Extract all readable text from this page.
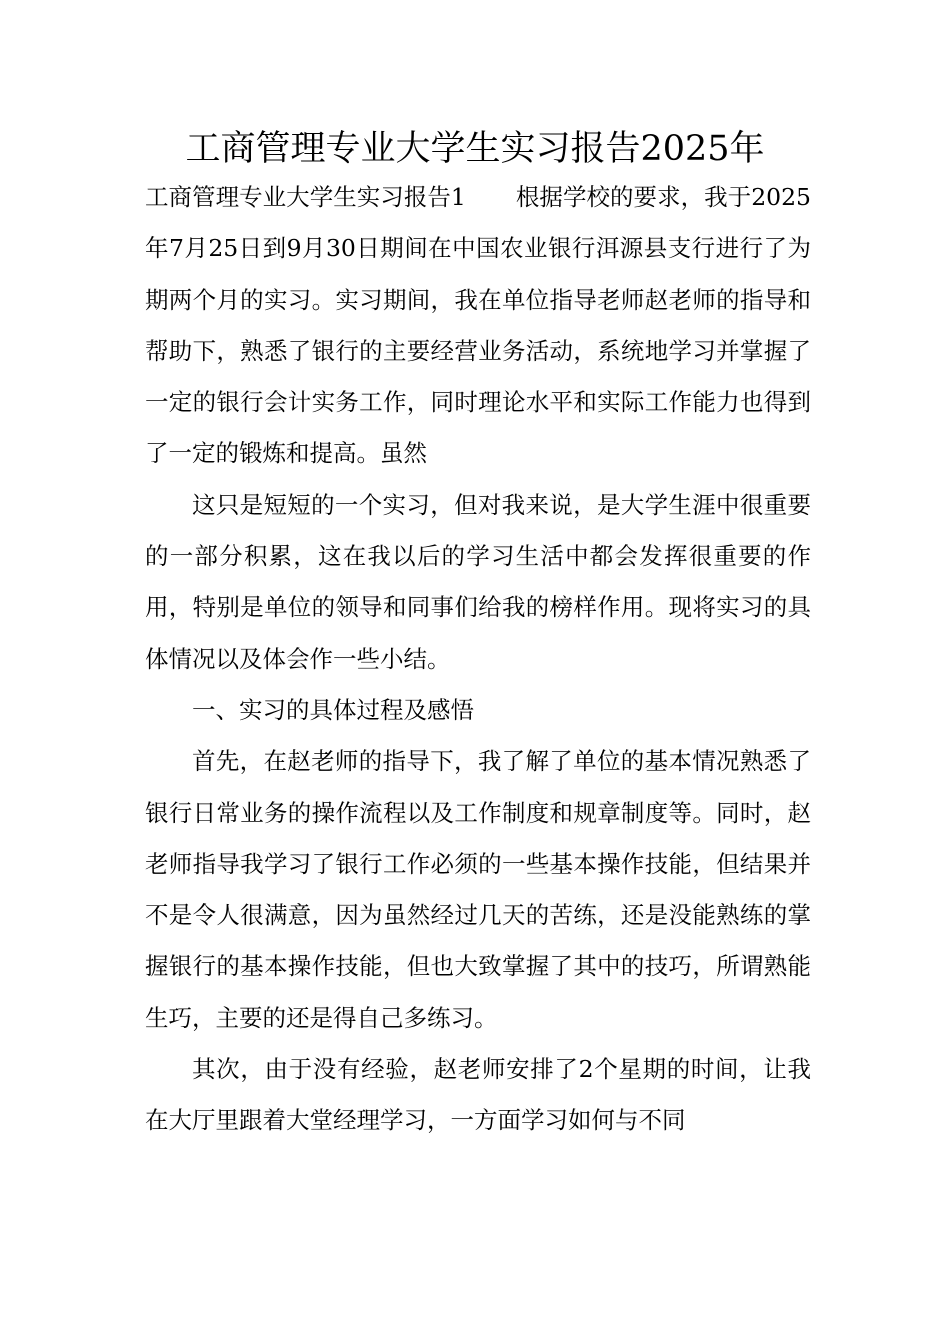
工商管理专业大学生实习报告2025年

工商管理专业大学生实习报告1 根据学校的要求，我于2025年7月25日到9月30日期间在中国农业银行洱源县支行进行了为期两个月的实习。实习期间，我在单位指导老师赵老师的指导和帮助下，熟悉了银行的主要经营业务活动，系统地学习并掌握了一定的银行会计实务工作，同时理论水平和实际工作能力也得到了一定的锻炼和提高。虽然

这只是短短的一个实习，但对我来说，是大学生涯中很重要的一部分积累，这在我以后的学习生活中都会发挥很重要的作用，特别是单位的领导和同事们给我的榜样作用。现将实习的具体情况以及体会作一些小结。

一、实习的具体过程及感悟

首先，在赵老师的指导下，我了解了单位的基本情况熟悉了银行日常业务的操作流程以及工作制度和规章制度等。同时，赵老师指导我学习了银行工作必须的一些基本操作技能，但结果并不是令人很满意，因为虽然经过几天的苦练，还是没能熟练的掌握银行的基本操作技能，但也大致掌握了其中的技巧，所谓熟能生巧，主要的还是得自己多练习。

其次，由于没有经验，赵老师安排了2个星期的时间，让我在大厅里跟着大堂经理学习，一方面学习如何与不同
